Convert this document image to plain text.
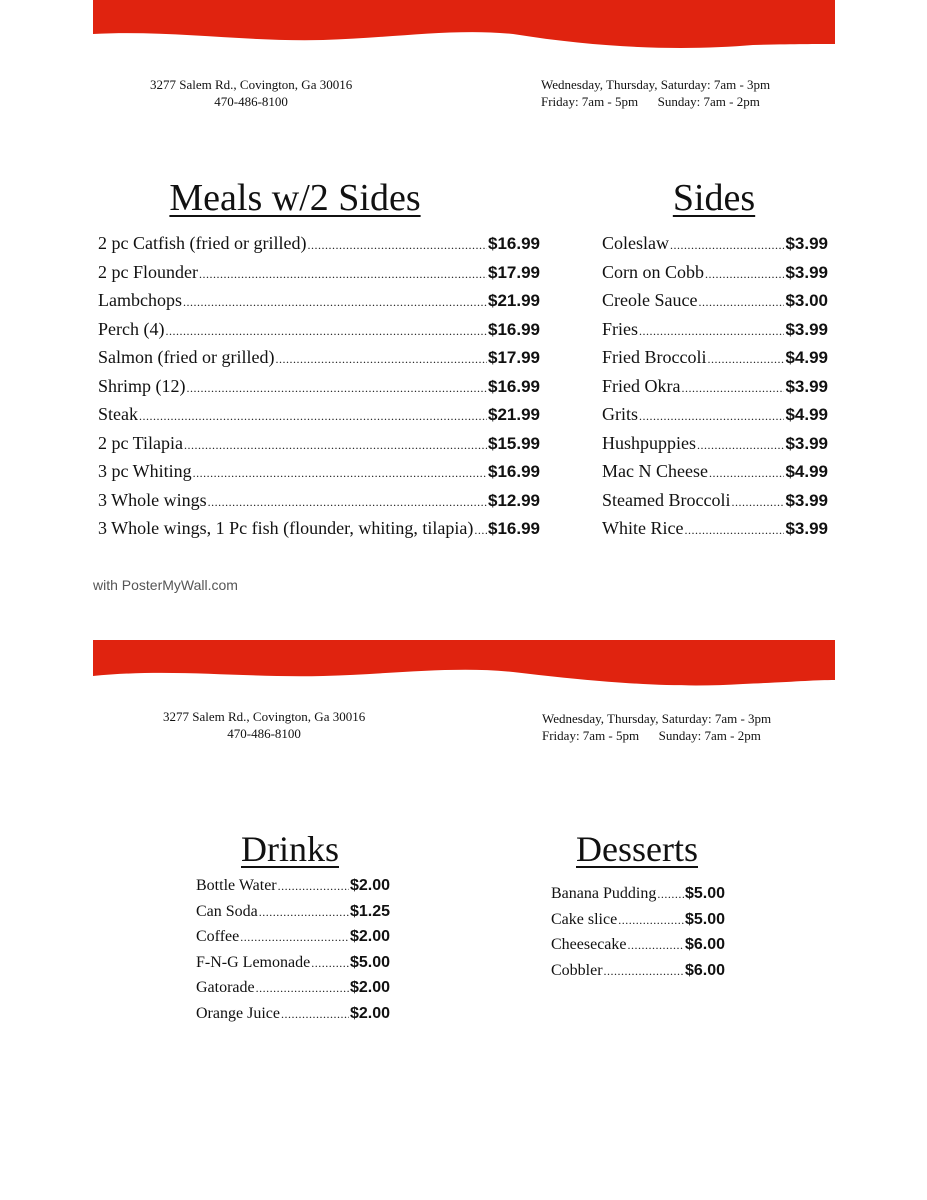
3277 Salem Rd., Covington, Ga 30016
470-486-8100
Wednesday, Thursday, Saturday: 7am - 3pm
Friday: 7am - 5pm      Sunday: 7am - 2pm
Meals w/2 Sides
2 pc Catfish (fried or grilled) .....	$16.99
2 pc Flounder .....	$17.99
Lambchops .....	$21.99
Perch (4) .....	$16.99
Salmon (fried or grilled) .....	$17.99
Shrimp (12) .....	$16.99
Steak .....	$21.99
2 pc Tilapia .....	$15.99
3 pc Whiting .....	$16.99
3 Whole wings .....	$12.99
3 Whole wings, 1 Pc fish (flounder, whiting, tilapia) ..... $16.99
Sides
Coleslaw .....	$3.99
Corn on Cobb .....	$3.99
Creole Sauce .....	$3.00
Fries .....	$3.99
Fried Broccoli .....	$4.99
Fried Okra .....	$3.99
Grits .....	$4.99
Hushpuppies .....	$3.99
Mac N Cheese .....	$4.99
Steamed Broccoli .....	$3.99
White Rice .....	$3.99
with PosterMyWall.com
3277 Salem Rd., Covington, Ga 30016
470-486-8100
Wednesday, Thursday, Saturday: 7am - 3pm
Friday: 7am - 5pm      Sunday: 7am - 2pm
Drinks
Bottle Water .....	$2.00
Can Soda .....	$1.25
Coffee .....	$2.00
F-N-G Lemonade ..... $5.00
Gatorade .....	$2.00
Orange Juice .....	$2.00
Desserts
Banana Pudding ..... $5.00
Cake slice .....	$5.00
Cheesecake .....	$6.00
Cobbler .....	$6.00
